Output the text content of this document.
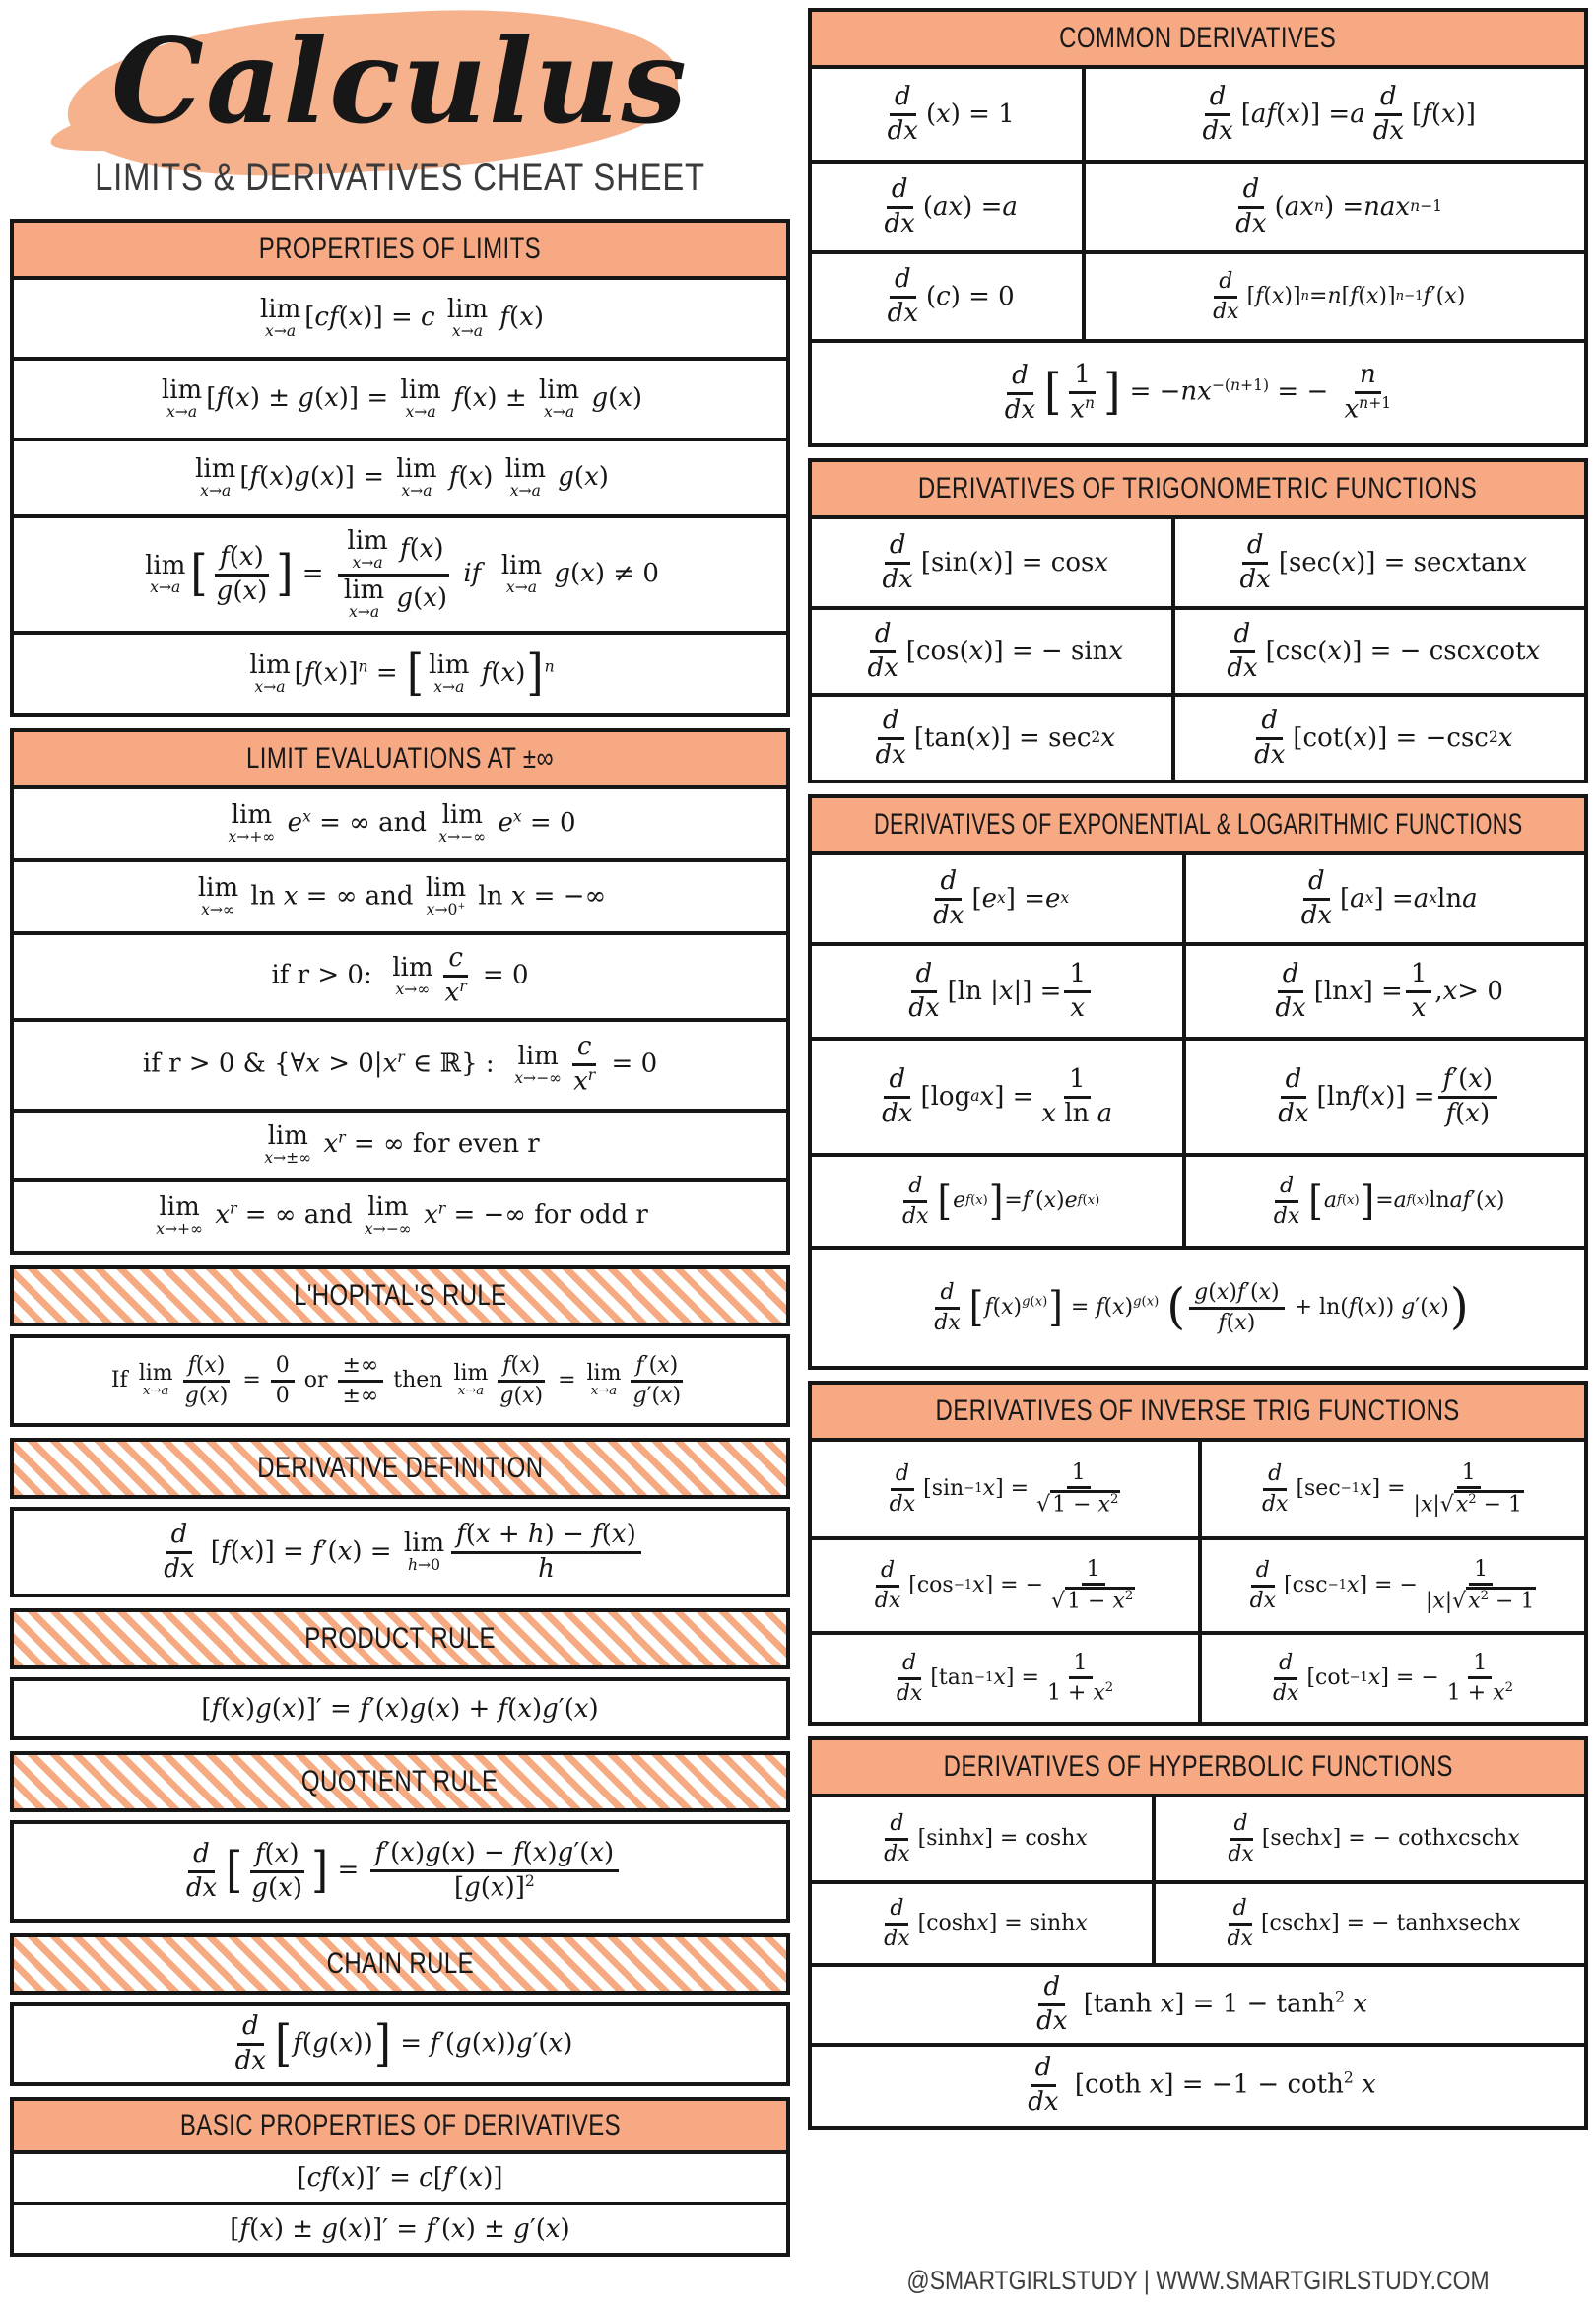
Calculus
LIMITS & DERIVATIVES CHEAT SHEET
PROPERTIES OF LIMITS
lim
x→a [cf(x)] = c lim
x→a f(x)
lim
x→a [f(x) ± g(x)] = lim
x→a f(x) ± lim
x→a g(x)
lim
x→a [f(x)g(x)] = lim
x→a f(x) lim
x→a g(x)
lim
x→a [ $\frac{f(x)}{g(x)}$ ] = lim
x→a f(x)
lim
x→a g(x) if lim
x→a g(x) ≠ 0
lim
x→a $[f(x)]^n$ = [ lim
x→a f(x)]$^n$
LIMIT EVALUATIONS AT ±∞
lim
x→+∞ $e^x$ = ∞ and lim
x→−∞ $e^x = 0$
lim
x→∞ ln x = ∞ and lim
x→0+ ln x = −∞
if r > 0: lim
$x\to\infty \frac{c}{x^r} = 0$
if r > 0 & {∀x > $0|x^r$ ∈ ℝ} : lim
$x\to-\infty \frac{c}{x^r} = 0$
lim
x→±∞ $x^r$ = ∞ for even r
lim
x→+∞ $x^r$ = ∞ and lim
x→−∞ $x^r$ = −∞ for odd r
L'HOPITAL'S RULE
If lim
$x\to a \frac{f(x)}{g(x)} = \frac{0}{0}$ or
±∞
±∞
then lim
$x\to a \frac{f(x)}{g(x)} = \lim$
$x\to a \frac{f'(x)}{g'(x)}$
DERIVATIVE DEFINITION
$\frac{d}{dx} [f(x)] = f'(x) = \lim$
$h\to 0 \frac{f(x + h) - f(x)}{h}$
PRODUCT RULE
[f(x)g(x)]′ = f′(x)g(x) + f(x)g′(x)
QUOTIENT RULE
$\frac{d}{dx}$ [ $\frac{f(x)}{g(x)}$ ] = $\frac{f'(x)g(x) - f(x)g'(x)}{[g(x)]^2}$
CHAIN RULE
$\frac{d}{dx} [f(g(x))] = f'(g(x))g'(x)$
BASIC PROPERTIES OF DERIVATIVES
[cf(x)]′ = c[f′(x)]
[f(x) ± g(x)]′ = f′(x) ± g′(x)
COMMON DERIVATIVES
d
dx
( x ) = 1
d
dx
[ af ( x )] = a
d
dx
[ f ( x )]
d
dx
( ax ) = a
d
dx
( ax n ) = nax n−1
d
dx
( c ) = 0
d
dx
[ f ( x )] n = n [ f ( x )] n−1 f ′( x )
$\frac{d}{dx}$ [ $\frac{1}{x^n}$ ] = $-nx^{-(n+1)}$ = − $\frac{n}{x^{n+1}}$
DERIVATIVES OF TRIGONOMETRIC FUNCTIONS
d
dx
[sin( x )] = cos x
d
dx
[sec( x )] = sec x tan x
d
dx
[cos( x )] = − sin x
d
dx
[csc( x )] = − csc x cot x
d
dx
[tan( x )] = sec 2 x
d
dx
[cot( x )] = −csc 2 x
DERIVATIVES OF EXPONENTIAL & LOGARITHMIC FUNCTIONS
d
dx
[ e x ] = e x
d
dx
[ a x ] = a x ln a
d
dx
[ln | x |] =
1
x
d
dx
[ln x ] =
1
x
, x > 0
d
dx
[log a x ] =
1
x ln a
d
dx
[ln f ( x )] =
f′(x)
f(x)
d
dx [ e f(x) ] = f ′( x ) e f(x)
d
dx [ a f(x) ] = a f(x) ln a f ′( x )
$\frac{d}{dx} [f(x)^{g(x)}] = f(x)^{g(x)}$ ( $\frac{g(x)f'(x)}{f(x)} + \ln(f(x))$ g′(x))
DERIVATIVES OF INVERSE TRIG FUNCTIONS
d
dx
[sin −1 x ] =
1
$√1 - x^2$
d
dx
[sec −1 x ] =
1
$|x|√x^2 - 1$
d
dx
[cos −1 x ] = −
1
$√1 - x^2$
d
dx
[csc −1 x ] = −
1
$|x|√x^2 - 1$
d
dx
[tan −1 x ] =
1
$1 + x^2$
d
dx
[cot −1 x ] = −
1
$1 + x^2$
DERIVATIVES OF HYPERBOLIC FUNCTIONS
d
dx
[sinh x ] = cosh x
d
dx
[sech x ] = − coth x csch x
d
dx
[cosh x ] = sinh x
d
dx
[csch x ] = − tanh x sech x
$\frac{d}{dx} [\tanh$ $x] = 1 - \tanh^2 x$
$\frac{d}{dx} [\cot h$ x] = −1 − coth$^2$ x
@SMARTGIRLSTUDY | WWW.SMARTGIRLSTUDY.COM
